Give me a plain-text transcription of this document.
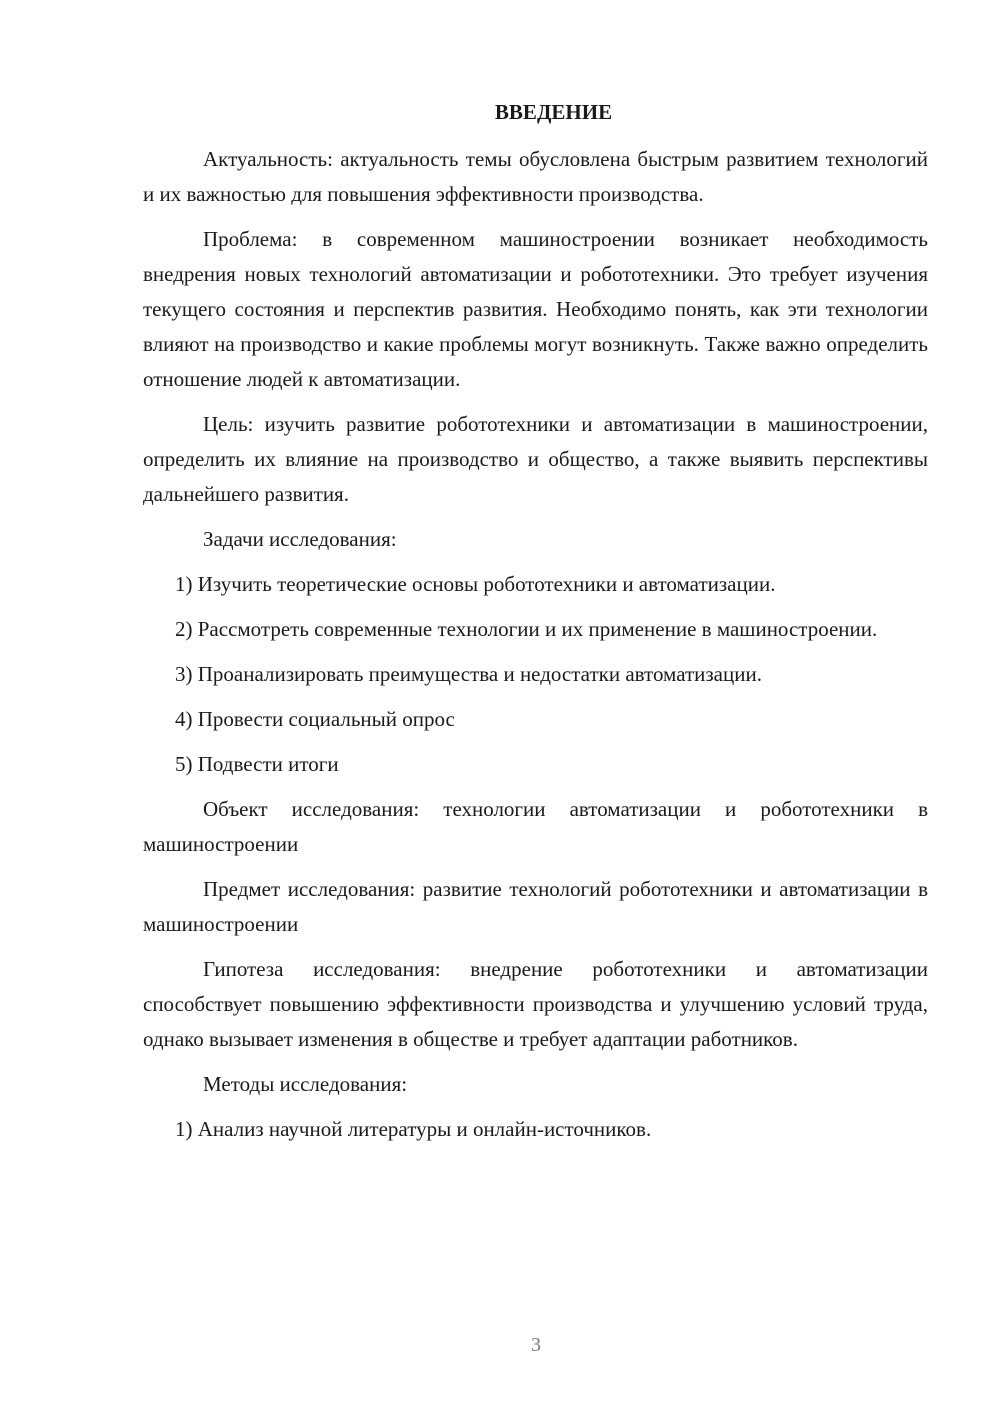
ВВЕДЕНИЕ

Актуальность: актуальность темы обусловлена быстрым развитием технологий и их важностью для повышения эффективности производства.

Проблема: в современном машиностроении возникает необходимость внедрения новых технологий автоматизации и робототехники. Это требует изучения текущего состояния и перспектив развития. Необходимо понять, как эти технологии влияют на производство и какие проблемы могут возникнуть. Также важно определить отношение людей к автоматизации.

Цель: изучить развитие робототехники и автоматизации в машиностроении, определить их влияние на производство и общество, а также выявить перспективы дальнейшего развития.

Задачи исследования:

1) Изучить теоретические основы робототехники и автоматизации.

2) Рассмотреть современные технологии и их применение в машиностроении.

3) Проанализировать преимущества и недостатки автоматизации.

4) Провести социальный опрос

5) Подвести итоги

Объект исследования: технологии автоматизации и робототехники в машиностроении

Предмет исследования: развитие технологий робототехники и автоматизации в машиностроении

Гипотеза исследования: внедрение робототехники и автоматизации способствует повышению эффективности производства и улучшению условий труда, однако вызывает изменения в обществе и требует адаптации работников.

Методы исследования:

1) Анализ научной литературы и онлайн-источников.

3
